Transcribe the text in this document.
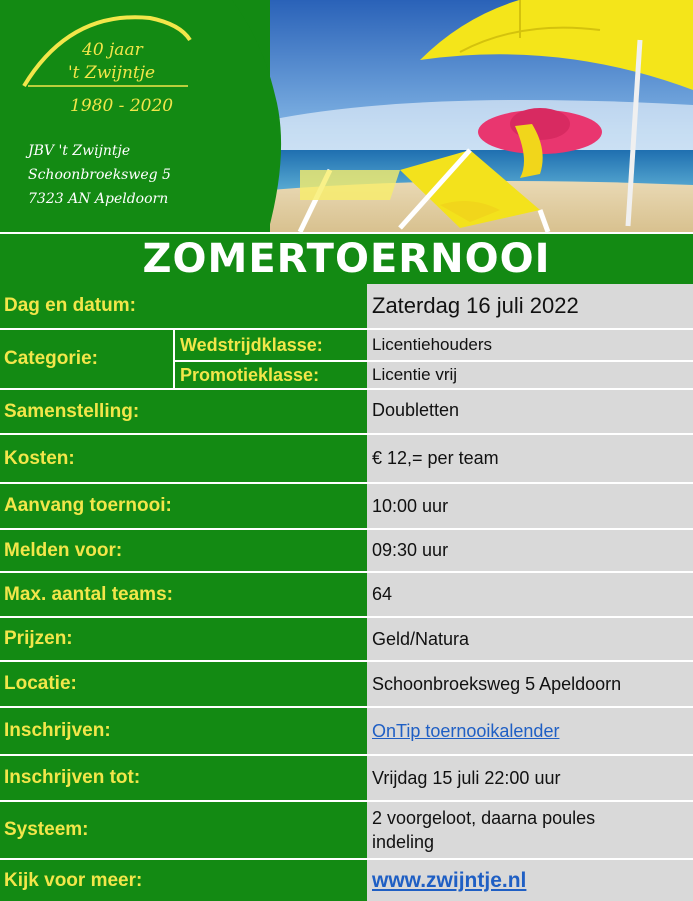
40 jaar
't Zwijntje
1980 - 2020
JBV 't Zwijntje
Schoonbroeksweg 5
7323 AN Apeldoorn
ZOMERTOERNOOI
Dag en datum:	Zaterdag 16 juli 2022
Categorie:
Wedstrijdklasse:	Licentiehouders
Promotieklasse:	Licentie vrij
Samenstelling:	Doubletten
Kosten:	€ 12,= per team
Aanvang toernooi:	10:00 uur
Melden voor:	09:30 uur
Max. aantal teams:	64
Prijzen:	Geld/Natura
Locatie:	Schoonbroeksweg 5 Apeldoorn
Inschrijven:	OnTip toernooikalender
Inschrijven tot:	Vrijdag 15 juli 22:00 uur
Systeem:
2 voorgeloot, daarna poules
indeling
Kijk voor meer:	www.zwijntje.nl
